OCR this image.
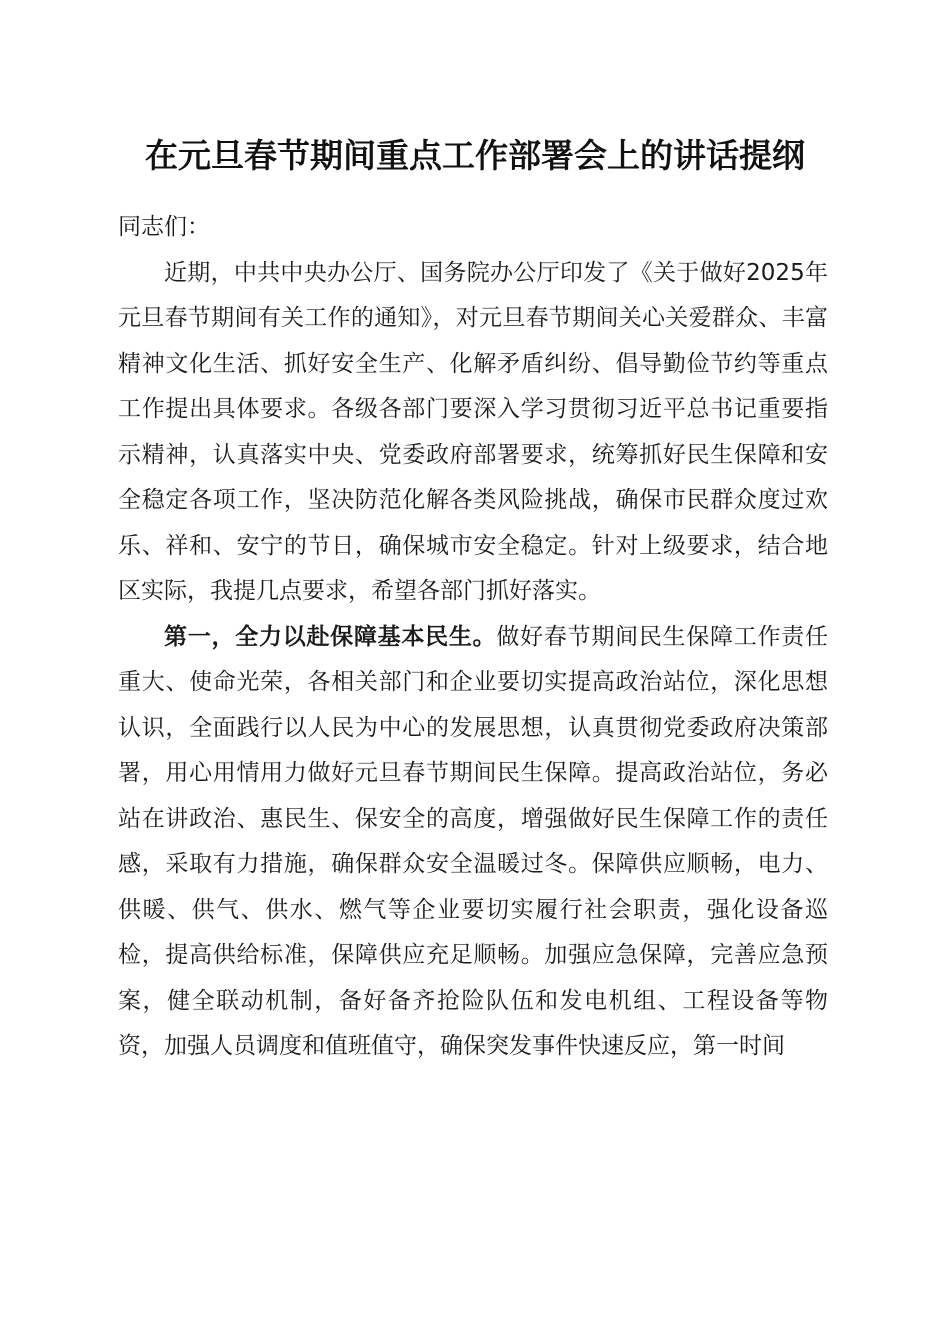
在元旦春节期间重点工作部署会上的讲话提纲

同志们：

近期，中共中央办公厅、国务院办公厅印发了《关于做好2025年元旦春节期间有关工作的通知》，对元旦春节期间关心关爱群众、丰富精神文化生活、抓好安全生产、化解矛盾纠纷、倡导勤俭节约等重点工作提出具体要求。各级各部门要深入学习贯彻习近平总书记重要指示精神，认真落实中央、党委政府部署要求，统筹抓好民生保障和安全稳定各项工作，坚决防范化解各类风险挑战，确保市民群众度过欢乐、祥和、安宁的节日，确保城市安全稳定。针对上级要求，结合地区实际，我提几点要求，希望各部门抓好落实。

第一，全力以赴保障基本民生。做好春节期间民生保障工作责任重大、使命光荣，各相关部门和企业要切实提高政治站位，深化思想认识，全面践行以人民为中心的发展思想，认真贯彻党委政府决策部署，用心用情用力做好元旦春节期间民生保障。提高政治站位，务必站在讲政治、惠民生、保安全的高度，增强做好民生保障工作的责任感，采取有力措施，确保群众安全温暖过冬。保障供应顺畅，电力、供暖、供气、供水、燃气等企业要切实履行社会职责，强化设备巡检，提高供给标准，保障供应充足顺畅。加强应急保障，完善应急预案，健全联动机制，备好备齐抢险队伍和发电机组、工程设备等物资，加强人员调度和值班值守，确保突发事件快速反应，第一时间
